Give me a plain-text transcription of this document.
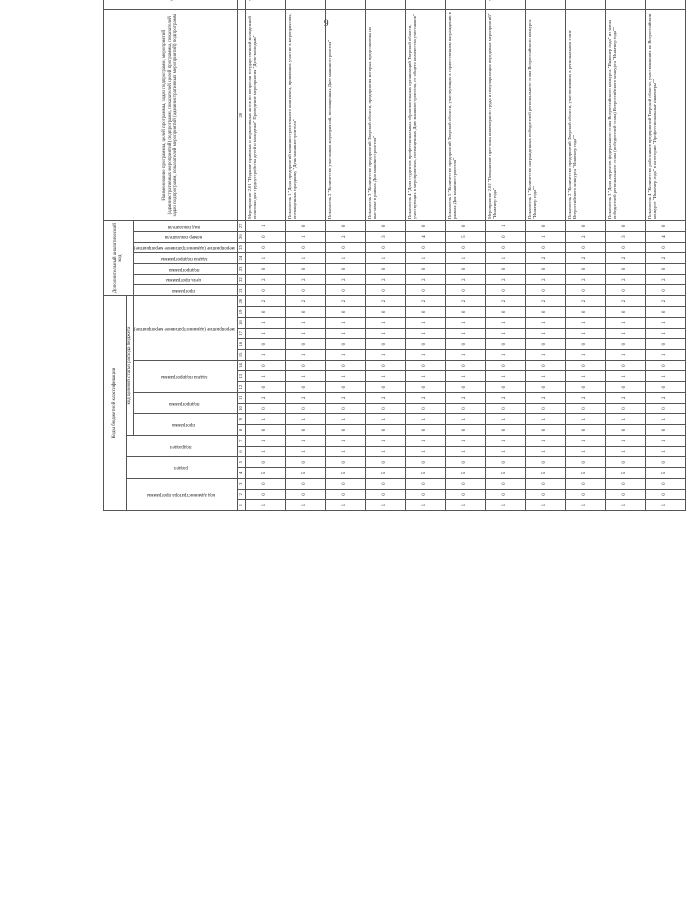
9
Коды бюджетной классификации																				Дополнительный аналитический код							Наименование программы, целей программы, задач подпрограмм, мероприятий (административных мероприятий) подпрограмм, показателей целей программы, показателей задач подпрограмм, показателей мероприятий (административных мероприятий) подпрограмм				
код администратора программы			раздел		подраздел		код целевой статьи расхода бюджета							
							программа		подпрограмма		задача подпрограммы			мероприятие (административное мероприятие)						программа	цель программы	подпрограмма	задача подпрограммы	мероприятие (административное мероприятие)	номер показателя	вид показателя										
1	2	3	4	5	6	7	8	9	10	11	12	13	14	15	16	17	18	19	20	21	22	23	24	25	26	27	28									
1	0	0	5	0	1	1	0	1	0	2	0	1	0	1	0	1	1	0	2	0	2	0	1	0	0	1	Мероприятие 2.01 "Издание правовых и нормативных актов по вопросам государственной молодежной политики для трудоустройства детей и молодежи" Проведение мероприятия "Дело-молодым"									
1	0	0	5	0	1	1	0	1	0	2	0	1	0	1	0	1	1	0	2	0	2	0	1	0	1	0	Показатель 1 "Доля предприятий машиностроительного комплекса, принявших участие в мероприятиях, посвященных празднику "День машиностроителя"									
1	0	0	5	0	1	1	0	1	0	2	0	1	0	1	0	1	1	0	2	0	2	0	1	0	2	0	Показатель 2 "Количество участников мероприятий, посвященных Дню машиностроителя"									
1	0	0	5	0	1	1	0	1	0	2	0	1	0	1	0	1	1	0	2	0	2	0	1	0	3	0	Показатель 3 "Количество предприятий Тверской области, предприятия которых представлены на выставке в рамках Дня машиностроителя"									
1	0	0	5	0	1	1	0	1	0	2	0	1	0	1	0	1	1	0	2	0	2	0	1	0	4	0	Показатель 4 "Доля студентов профессиональных образовательных организаций Тверской области, участвующих в мероприятиях, посвященных Дню машиностроителя, от общего количества участников"									
1	0	0	5	0	1	1	0	1	0	2	0	1	0	1	0	1	1	0	2	0	2	0	1	0	5	0	Показатель 5 "Количество предприятий Тверской области, участвующих в торжественном награждении в рамках Дня машиностроителя"									
1	0	0	5	0	1	1	0	1	0	2	0	1	0	1	0	1	1	0	2	0	2	0	1	0	0	1	Мероприятие 2.02 "Повышение престижа инженерного труда и популяризация передовых мероприятий" "Инженер года"									
1	0	0	5	0	1	1	0	1	0	2	0	1	0	1	0	1	1	0	2	0	2	0	2	0	1	0	Показатель 1 "Количество награжденных победителей регионального этапа Всероссийского конкурса "Инженер года""									
1	0	0	5	0	1	1	0	1	0	2	0	1	0	1	0	1	1	0	2	0	2	0	2	0	2	0	Показатель 2 "Количество предприятий Тверской области, участвовавших в региональном этапе Всероссийского конкурса "Инженер года""									
1	0	0	5	0	1	1	0	1	0	2	0	1	0	1	0	1	1	0	2	0	2	0	2	0	3	0	Показатель 3 "Доля лауреатов федерального этапа Всероссийского конкурса "Инженер года" из числа победителей регионального этапа (победителей этапа) Всероссийского конкурса "Инженер года""									
1	0	0	5	0	1	1	0	1	0	2	0	1	0	1	0	1	1	0	2	0	2	0	2	0	4	0	Показатель 4 "Количество работников предприятий Тверской области, участвовавших во Всероссийском конкурсе "Инженер года" в категории "Профессиональные инженеры""									
